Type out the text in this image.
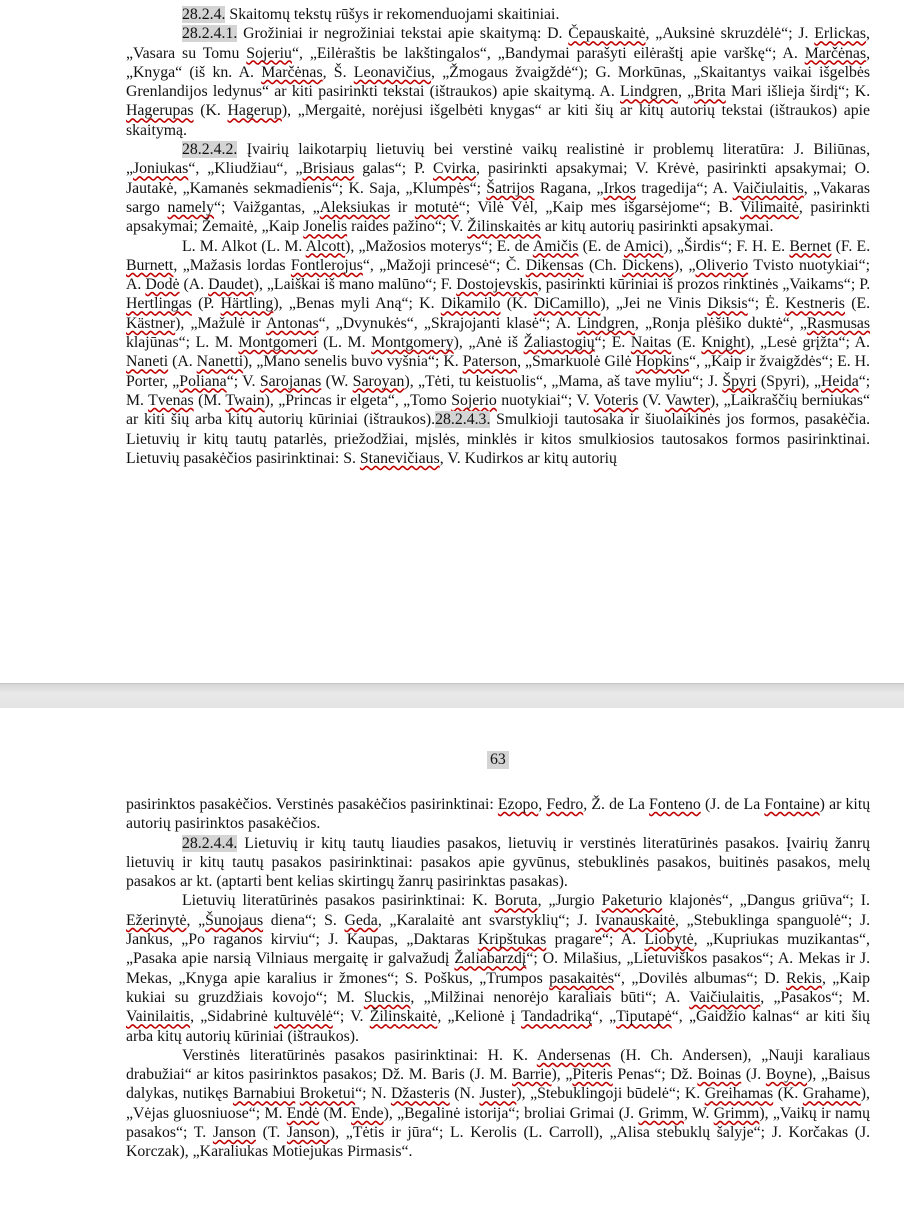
28.2.4. Skaitomų tekstų rūšys ir rekomenduojami skaitiniai.

28.2.4.1. Grožiniai ir negrožiniai tekstai apie skaitymą: D. Čepauskaitė, „Auksinė skruzdėlė“; J. Erlickas, „Vasara su Tomu Sojeriu“, „Eilėraštis be lakštingalos“, „Bandymai parašyti eilėraštį apie varškę“; A. Marčėnas, „Knyga“ (iš kn. A. Marčėnas, Š. Leonavičius, „Žmogaus žvaigždė“); G. Morkūnas, „Skaitantys vaikai išgelbės Grenlandijos ledynus“ ar kiti pasirinkti tekstai (ištraukos) apie skaitymą. A. Lindgren, „Brita Mari išlieja širdį“; K. Hagerupas (K. Hagerup), „Mergaitė, norėjusi išgelbėti knygas“ ar kiti šių ar kitų autorių tekstai (ištraukos) apie skaitymą.

28.2.4.2. Įvairių laikotarpių lietuvių bei verstinė vaikų realistinė ir problemų literatūra: J. Biliūnas, „Joniukas“, „Kliudžiau“, „Brisiaus galas“; P. Cvirka, pasirinkti apsakymai; V. Krėvė, pasirinkti apsakymai; O. Jautakė, „Kamanės sekmadienis“; K. Saja, „Klumpės“; Šatrijos Ragana, „Irkos tragedija“; A. Vaičiulaitis, „Vakaras sargo namely“; Vaižgantas, „Aleksiukas ir motutė“; Vilė Vėl, „Kaip mes išgarsėjome“; B. Vilimaitė, pasirinkti apsakymai; Žemaitė, „Kaip Jonelis raides pažino“; V. Žilinskaitės ar kitų autorių pasirinkti apsakymai.

L. M. Alkot (L. M. Alcott), „Mažosios moterys“; E. de Amičis (E. de Amici), „Širdis“; F. H. E. Bernet (F. E. Burnett, „Mažasis lordas Fontlerojus“, „Mažoji princesė“; Č. Dikensas (Ch. Dickens), „Oliverio Tvisto nuotykiai“; A. Dodė (A. Daudet), „Laiškai iš mano malūno“; F. Dostojevskis, pasirinkti kūriniai iš prozos rinktinės „Vaikams“; P. Hertlingas (P. Härtling), „Benas myli Aną“; K. Dikamilo (K. DiCamillo), „Jei ne Vinis Diksis“; Ė. Kestneris (E. Kästner), „Mažulė ir Antonas“, „Dvynukės“, „Skrajojanti klasė“; A. Lindgren, „Ronja plėšiko duktė“, „Rasmusas klajūnas“; L. M. Montgomeri (L. M. Montgomery), „Anė iš Žaliastogių“; E. Naitas (E. Knight), „Lesė grįžta“; A. Naneti (A. Nanetti), „Mano senelis buvo vyšnia“; K. Paterson, „Smarkuolė Gilė Hopkins“, „Kaip ir žvaigždės“; E. H. Porter, „Poliana“; V. Sarojanas (W. Saroyan), „Tėti, tu keistuolis“, „Mama, aš tave myliu“; J. Špyri (Spyri), „Heida“; M. Tvenas (M. Twain), „Princas ir elgeta“, „Tomo Sojerio nuotykiai“; V. Voteris (V. Vawter), „Laikraščių berniukas“ ar kiti šių arba kitų autorių kūriniai (ištraukos).28.2.4.3. Smulkioji tautosaka ir šiuolaikinės jos formos, pasakėčia. Lietuvių ir kitų tautų patarlės, priežodžiai, mįslės, minklės ir kitos smulkiosios tautosakos formos pasirinktinai. Lietuvių pasakėčios pasirinktinai: S. Stanevičiaus, V. Kudirkos ar kitų autorių

63

pasirinktos pasakėčios. Verstinės pasakėčios pasirinktinai: Ezopo, Fedro, Ž. de La Fonteno (J. de La Fontaine) ar kitų autorių pasirinktos pasakėčios.

28.2.4.4. Lietuvių ir kitų tautų liaudies pasakos, lietuvių ir verstinės literatūrinės pasakos. Įvairių žanrų lietuvių ir kitų tautų pasakos pasirinktinai: pasakos apie gyvūnus, stebuklinės pasakos, buitinės pasakos, melų pasakos ar kt. (aptarti bent kelias skirtingų žanrų pasirinktas pasakas).

Lietuvių literatūrinės pasakos pasirinktinai: K. Boruta, „Jurgio Paketurio klajonės“, „Dangus griūva“; I. Ežerinytė, „Šunojaus diena“; S. Geda, „Karalaitė ant svarstyklių“; J. Ivanauskaitė, „Stebuklinga spanguolė“; J. Jankus, „Po raganos kirviu“; J. Kaupas, „Daktaras Kripštukas pragare“; A. Liobytė, „Kupriukas muzikantas“, „Pasaka apie narsią Vilniaus mergaitę ir galvažudį Žaliabarzdį“; O. Milašius, „Lietuviškos pasakos“; A. Mekas ir J. Mekas, „Knyga apie karalius ir žmones“; S. Poškus, „Trumpos pasakaitės“, „Dovilės albumas“; D. Rekis, „Kaip kukiai su gruzdžiais kovojo“; M. Sluckis, „Milžinai nenorėjo karaliais būti“; A. Vaičiulaitis, „Pasakos“; M. Vainilaitis, „Sidabrinė kultuvėlė“; V. Žilinskaitė, „Kelionė į Tandadriką“, „Tiputapė“, „Gaidžio kalnas“ ar kiti šių arba kitų autorių kūriniai (ištraukos).

Verstinės literatūrinės pasakos pasirinktinai: H. K. Andersenas (H. Ch. Andersen), „Nauji karaliaus drabužiai“ ar kitos pasirinktos pasakos; Dž. M. Baris (J. M. Barrie), „Piteris Penas“; Dž. Boinas (J. Boyne), „Baisus dalykas, nutikęs Barnabiui Broketui“; N. Džasteris (N. Juster), „Stebuklingoji būdelė“; K. Greihamas (K. Grahame), „Vėjas gluosniuose“; M. Endė (M. Ende), „Begalinė istorija“; broliai Grimai (J. Grimm, W. Grimm), „Vaikų ir namų pasakos“; T. Janson (T. Janson), „Tėtis ir jūra“; L. Kerolis (L. Carroll), „Alisa stebuklų šalyje“; J. Korčakas (J. Korczak), „Karaliukas Motiejukas Pirmasis“.
